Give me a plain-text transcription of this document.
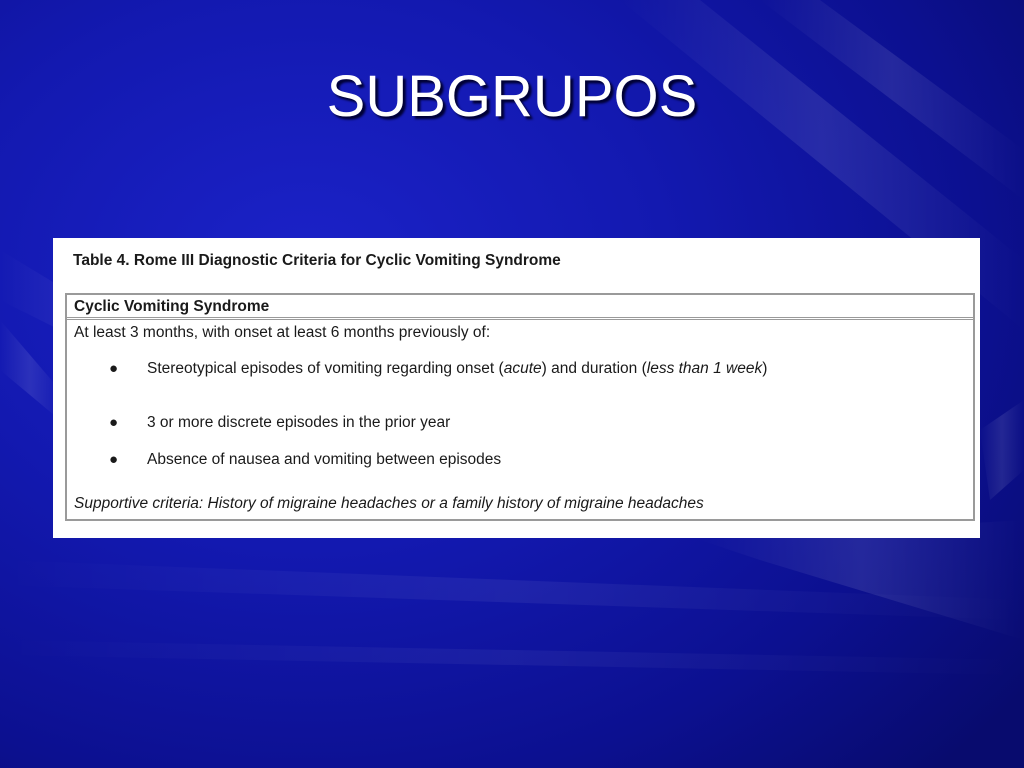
SUBGRUPOS
Table 4. Rome III Diagnostic Criteria for Cyclic Vomiting Syndrome
Cyclic Vomiting Syndrome
At least 3 months, with onset at least 6 months previously of:
● Stereotypical episodes of vomiting regarding onset (acute) and duration (less than 1 week)
● 3 or more discrete episodes in the prior year
● Absence of nausea and vomiting between episodes
Supportive criteria: History of migraine headaches or a family history of migraine headaches
